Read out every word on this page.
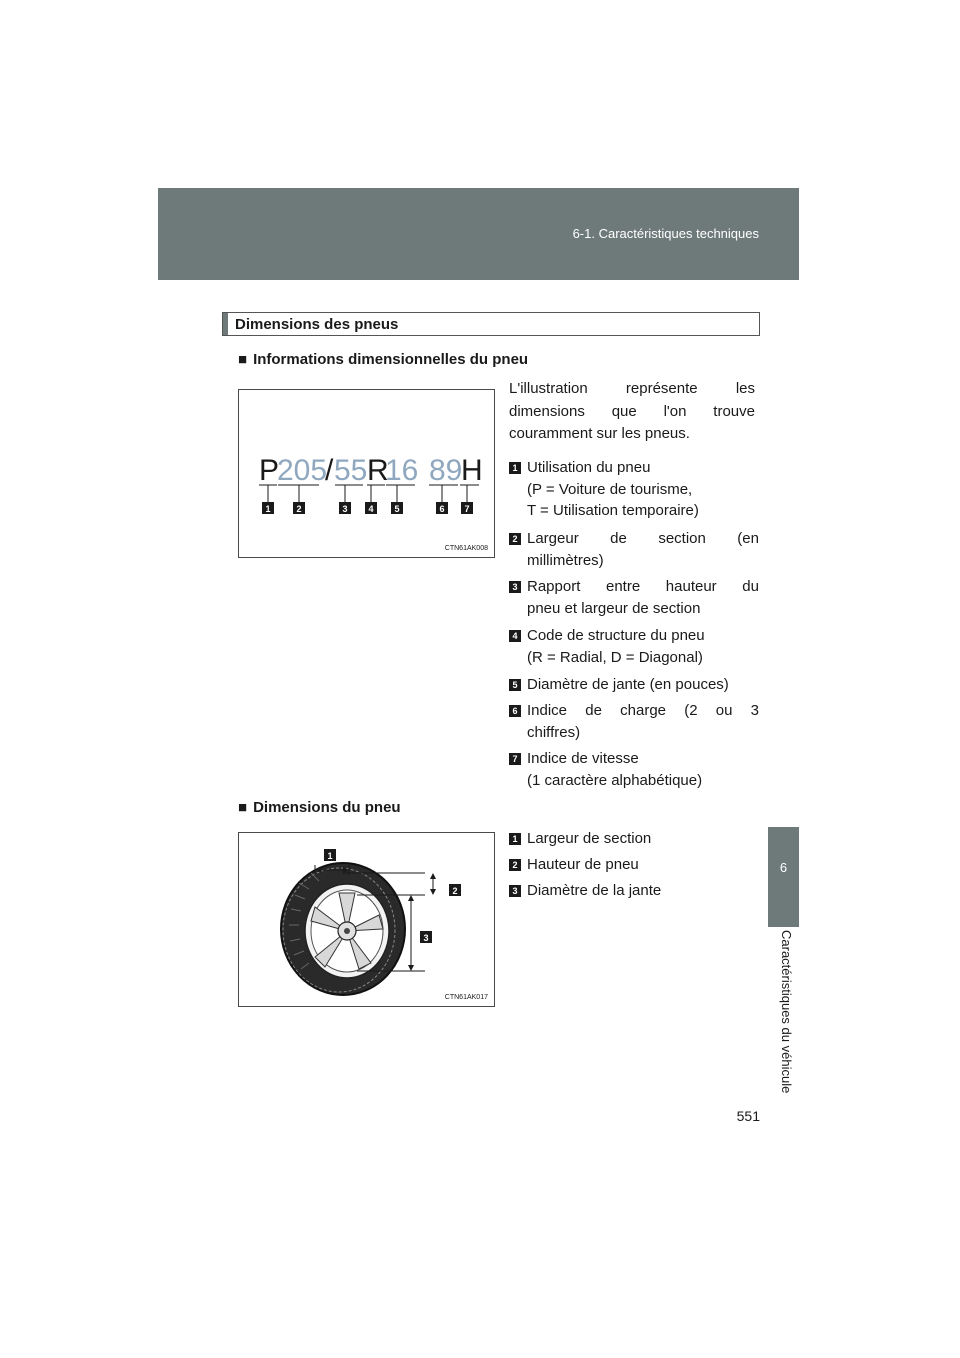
6-1. Caractéristiques techniques
6
Caractéristiques du véhicule
Dimensions des pneus
■ Informations dimensionnelles du pneu
P
205
/ 55 R
16 89
H
1	2	3 4 5	6 7
CTN61AK008
L'illustration représente les
dimensions que l'on trouve
couramment sur les pneus.
1 Utilisation du pneu
(P = Voiture de tourisme,
T = Utilisation temporaire)
2 Largeur de section (en
millimètres)
3 Rapport entre hauteur du
pneu et largeur de section
4 Code de structure du pneu
(R = Radial, D = Diagonal)
5 Diamètre de jante (en pouces)
6 Indice de charge (2 ou 3
chiffres)
7 Indice de vitesse
(1 caractère alphabétique)
■ Dimensions du pneu
1
2
3
CTN61AK017
1 Largeur de section
2 Hauteur de pneu
3 Diamètre de la jante
551
